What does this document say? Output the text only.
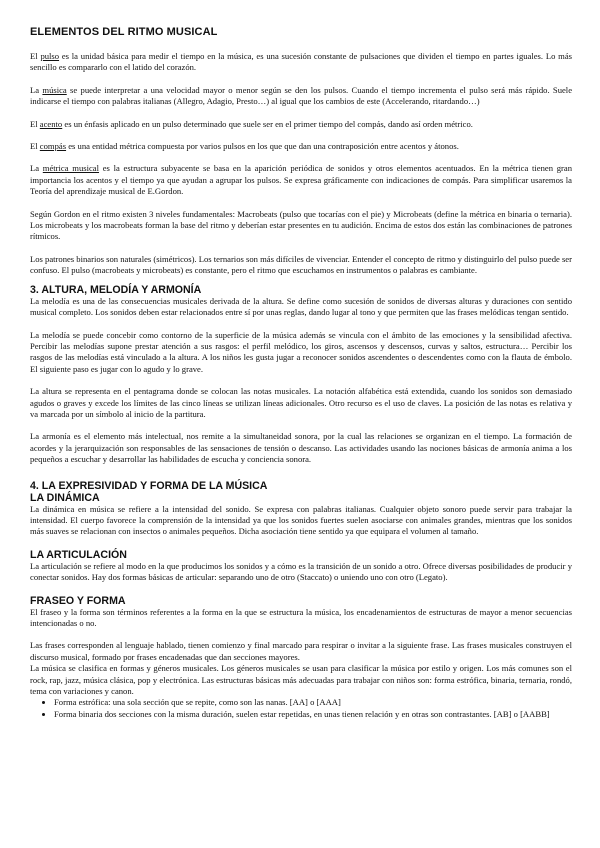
ELEMENTOS DEL RITMO MUSICAL

El pulso es la unidad básica para medir el tiempo en la música, es una sucesión constante de pulsaciones que dividen el tiempo en partes iguales. Lo más sencillo es compararlo con el latido del corazón.

La música se puede interpretar a una velocidad mayor o menor según se den los pulsos. Cuando el tiempo incrementa el pulso será más rápido. Suele indicarse el tiempo con palabras italianas (Allegro, Adagio, Presto…) al igual que los cambios de este (Accelerando, ritardando…)

El acento es un énfasis aplicado en un pulso determinado que suele ser en el primer tiempo del compás, dando así orden métrico.

El compás es una entidad métrica compuesta por varios pulsos en los que que dan una contraposición entre acentos y átonos.

La métrica musical es la estructura subyacente se basa en la aparición periódica de sonidos y otros elementos acentuados. En la métrica tienen gran importancia los acentos y el tiempo ya que ayudan a agrupar los pulsos. Se expresa gráficamente con indicaciones de compás. Para simplificar usaremos la Teoría del aprendizaje musical de E.Gordon.

Según Gordon en el ritmo existen 3 niveles fundamentales: Macrobeats (pulso que tocarías con el pie) y Microbeats (define la métrica en binaria o ternaria). Los microbeats y los macrobeats forman la base del ritmo y deberían estar presentes en tu audición. Encima de estos dos están las combinaciones de patrones rítmicos.

Los patrones binarios son naturales (simétricos). Los ternarios son más difíciles de vivenciar. Entender el concepto de ritmo y distinguirlo del pulso puede ser confuso. El pulso (macrobeats y microbeats) es constante, pero el ritmo que escuchamos en instrumentos o palabras es cambiante.

3. ALTURA, MELODÍA Y ARMONÍA

La melodía es una de las consecuencias musicales derivada de la altura. Se define como sucesión de sonidos de diversas alturas y duraciones con sentido musical completo. Los sonidos deben estar relacionados entre sí por unas reglas, dando lugar al tono y que permiten que las frases melódicas tengan sentido.

La melodía se puede concebir como contorno de la superficie de la música además se vincula con el ámbito de las emociones y la sensibilidad afectiva. Percibir las melodías supone prestar atención a sus rasgos: el perfil melódico, los giros, ascensos y descensos, curvas y saltos, estructura… Percibir los rasgos de las melodías está vinculado a la altura. A los niños les gusta jugar a reconocer sonidos ascendentes o descendentes como con la flauta de émbolo. El siguiente paso es jugar con lo agudo y lo grave.

La altura se representa en el pentagrama donde se colocan las notas musicales. La notación alfabética está extendida, cuando los sonidos son demasiado agudos o graves y excede los límites de las cinco líneas se utilizan líneas adicionales. Otro recurso es el uso de claves. La posición de las notas es relativa y va marcada por un símbolo al inicio de la partitura.

La armonía es el elemento más intelectual, nos remite a la simultaneidad sonora, por la cual las relaciones se organizan en el tiempo. La formación de acordes y la jerarquización son responsables de las sensaciones de tensión o descanso. Las actividades usando las nociones básicas de armonía anima a los pequeños a escuchar y desarrollar las habilidades de escucha y conciencia sonora.

4. LA EXPRESIVIDAD Y FORMA DE LA MÚSICA
LA DINÁMICA

La dinámica en música se refiere a la intensidad del sonido. Se expresa con palabras italianas. Cualquier objeto sonoro puede servir para trabajar la intensidad. El cuerpo favorece la comprensión de la intensidad ya que los sonidos fuertes suelen asociarse con animales grandes, mientras que los sonidos más suaves se relacionan con insectos o animales pequeños. Dicha asociación tiene sentido ya que equipara el volumen al tamaño.

LA ARTICULACIÓN

La articulación se refiere al modo en la que producimos los sonidos y a cómo es la transición de un sonido a otro. Ofrece diversas posibilidades de producir y conectar sonidos. Hay dos formas básicas de articular: separando uno de otro (Staccato) o uniendo uno con otro (Legato).

FRASEO Y FORMA

El fraseo y la forma son términos referentes a la forma en la que se estructura la música, los encadenamientos de estructuras de mayor a menor secuencias intencionadas o no.

Las frases corresponden al lenguaje hablado, tienen comienzo y final marcado para respirar o invitar a la siguiente frase. Las frases musicales construyen el discurso musical, formado por frases encadenadas que dan secciones mayores.

La música se clasifica en formas y géneros musicales. Los géneros musicales se usan para clasificar la música por estilo y origen. Los más comunes son el rock, rap, jazz, música clásica, pop y electrónica. Las estructuras básicas más adecuadas para trabajar con niños son: forma estrófica, binaria, ternaria, rondó, tema con variaciones y canon.

• Forma estrófica: una sola sección que se repite, como son las nanas. [AA] o [AAA]
• Forma binaria dos secciones con la misma duración, suelen estar repetidas, en unas tienen relación y en otras son contrastantes. [AB] o [AABB]
